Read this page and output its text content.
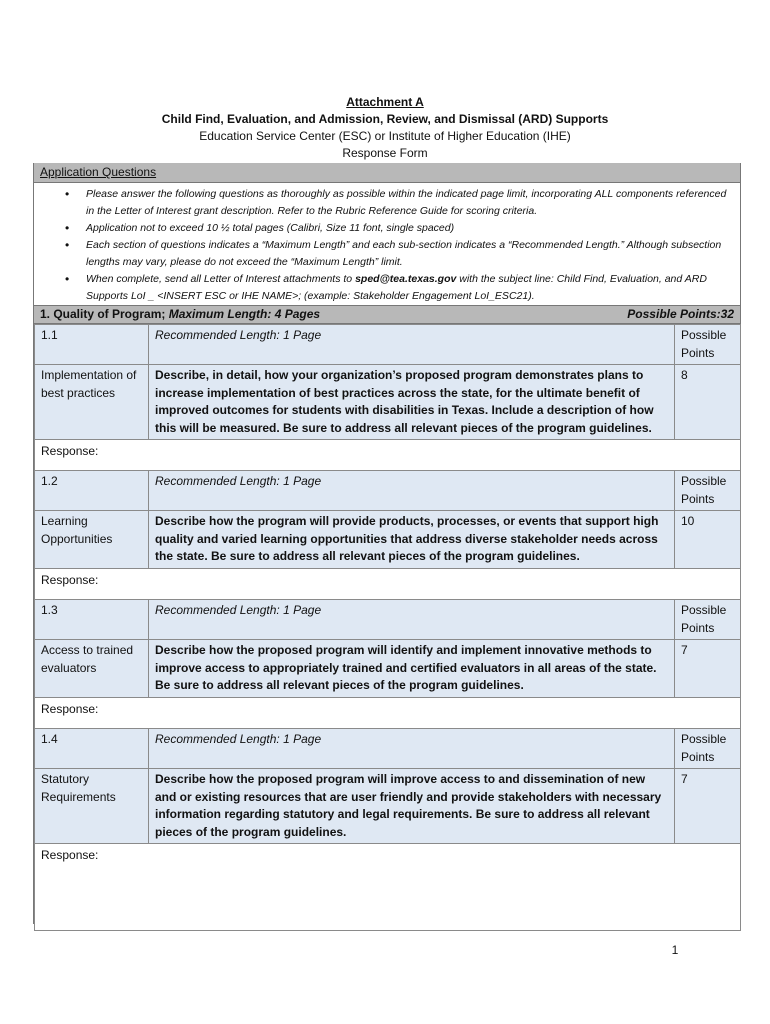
Attachment A
Child Find, Evaluation, and Admission, Review, and Dismissal (ARD) Supports
Education Service Center (ESC) or Institute of Higher Education (IHE)
Response Form
Application Questions
• Please answer the following questions as thoroughly as possible within the indicated page limit, incorporating ALL components referenced in the Letter of Interest grant description. Refer to the Rubric Reference Guide for scoring criteria.
• Application not to exceed 10 ½ total pages (Calibri, Size 11 font, single spaced)
• Each section of questions indicates a “Maximum Length” and each sub-section indicates a “Recommended Length.” Although subsection lengths may vary, please do not exceed the “Maximum Length” limit.
• When complete, send all Letter of Interest attachments to sped@tea.texas.gov with the subject line: Child Find, Evaluation, and ARD Supports LoI _ <INSERT ESC or IHE NAME>; (example: Stakeholder Engagement LoI_ESC21).
1. Quality of Program; Maximum Length: 4 Pages	Possible Points:32
1.1	Recommended Length: 1 Page	Possible Points
Implementation of best practices	Describe, in detail, how your organization’s proposed program demonstrates plans to increase implementation of best practices across the state, for the ultimate benefit of improved outcomes for students with disabilities in Texas. Include a description of how this will be measured. Be sure to address all relevant pieces of the program guidelines.	8
Response:		
1.2	Recommended Length: 1 Page	Possible Points
Learning Opportunities	Describe how the program will provide products, processes, or events that support high quality and varied learning opportunities that address diverse stakeholder needs across the state. Be sure to address all relevant pieces of the program guidelines.	10
Response:		
1.3	Recommended Length: 1 Page	Possible Points
Access to trained evaluators	Describe how the proposed program will identify and implement innovative methods to improve access to appropriately trained and certified evaluators in all areas of the state. Be sure to address all relevant pieces of the program guidelines.	7
Response:		
1.4	Recommended Length: 1 Page	Possible Points
Statutory Requirements	Describe how the proposed program will improve access to and dissemination of new and or existing resources that are user friendly and provide stakeholders with necessary information regarding statutory and legal requirements. Be sure to address all relevant pieces of the program guidelines.	7
Response:		
1
